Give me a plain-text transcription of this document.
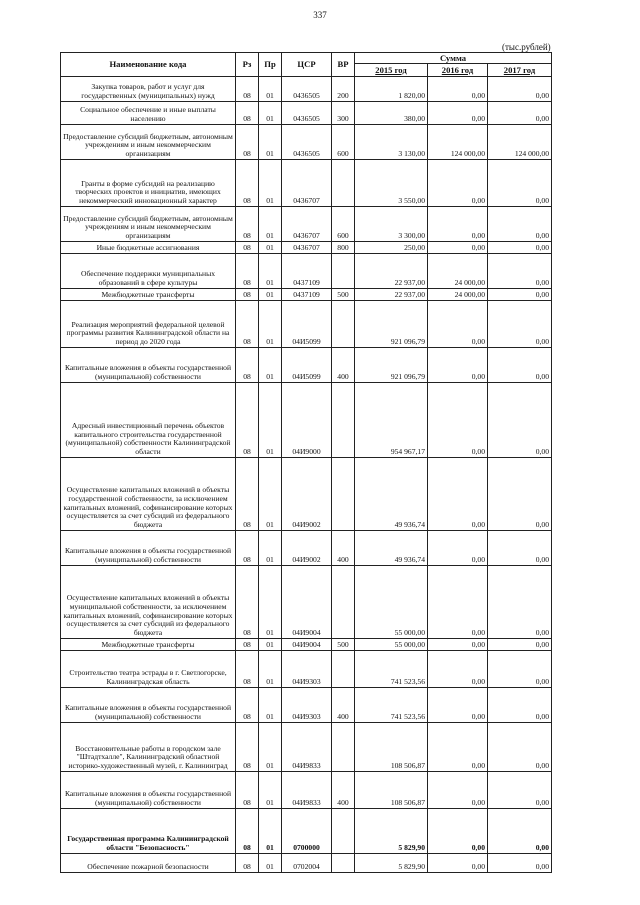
337
(тыс.рублей)
Наименование кода	Рз	Пр	ЦСР	ВР	Сумма		
					2015 год	2016 год	2017 год
Закупка товаров, работ и услуг для государственных (муниципальных) нужд	08	01	0436505	200	1 820,00	0,00	0,00
Социальное обеспечение и иные выплаты населению	08	01	0436505	300	380,00	0,00	0,00
Предоставление субсидий бюджетным, автономным учреждениям и иным некоммерческим организациям	08	01	0436505	600	3 130,00	124 000,00	124 000,00
Гранты в форме субсидий на реализацию творческих проектов и инициатив, имеющих некоммерческий инновационный характер	08	01	0436707		3 550,00	0,00	0,00
Предоставление субсидий бюджетным, автономным учреждениям и иным некоммерческим организациям	08	01	0436707	600	3 300,00	0,00	0,00
Иные бюджетные ассигнования	08	01	0436707	800	250,00	0,00	0,00
Обеспечение поддержки муниципальных образований в сфере культуры	08	01	0437109		22 937,00	24 000,00	0,00
Межбюджетные трансферты	08	01	0437109	500	22 937,00	24 000,00	0,00
Реализация мероприятий федеральной целевой программы развития Калининградской области на период до 2020 года	08	01	04И5099		921 096,79	0,00	0,00
Капитальные вложения в объекты государственной (муниципальной) собственности	08	01	04И5099	400	921 096,79	0,00	0,00
Адресный инвестиционный перечень объектов капитального строительства государственной (муниципальной) собственности Калининградской области	08	01	04И9000		954 967,17	0,00	0,00
Осуществление капитальных вложений в объекты государственной собственности, за исключением капитальных вложений, софинансирование которых осуществляется за счет субсидий из федерального бюджета	08	01	04И9002		49 936,74	0,00	0,00
Капитальные вложения в объекты государственной (муниципальной) собственности	08	01	04И9002	400	49 936,74	0,00	0,00
Осуществление капитальных вложений в объекты муниципальной собственности, за исключением капитальных вложений, софинансирование которых осуществляется за счет субсидий из федерального бюджета	08	01	04И9004		55 000,00	0,00	0,00
Межбюджетные трансферты	08	01	04И9004	500	55 000,00	0,00	0,00
Строительство театра эстрады в г. Светлогорске, Калининградская область	08	01	04И9303		741 523,56	0,00	0,00
Капитальные вложения в объекты государственной (муниципальной) собственности	08	01	04И9303	400	741 523,56	0,00	0,00
Восстановительные работы в городском зале "Штадтхалле", Калининградский областной историко-художественный музей, г. Калининград	08	01	04И9833		108 506,87	0,00	0,00
Капитальные вложения в объекты государственной (муниципальной) собственности	08	01	04И9833	400	108 506,87	0,00	0,00
Государственная программа Калининградской области "Безопасность"	08	01	0700000		5 829,90	0,00	0,00
Обеспечение пожарной безопасности	08	01	0702004		5 829,90	0,00	0,00
